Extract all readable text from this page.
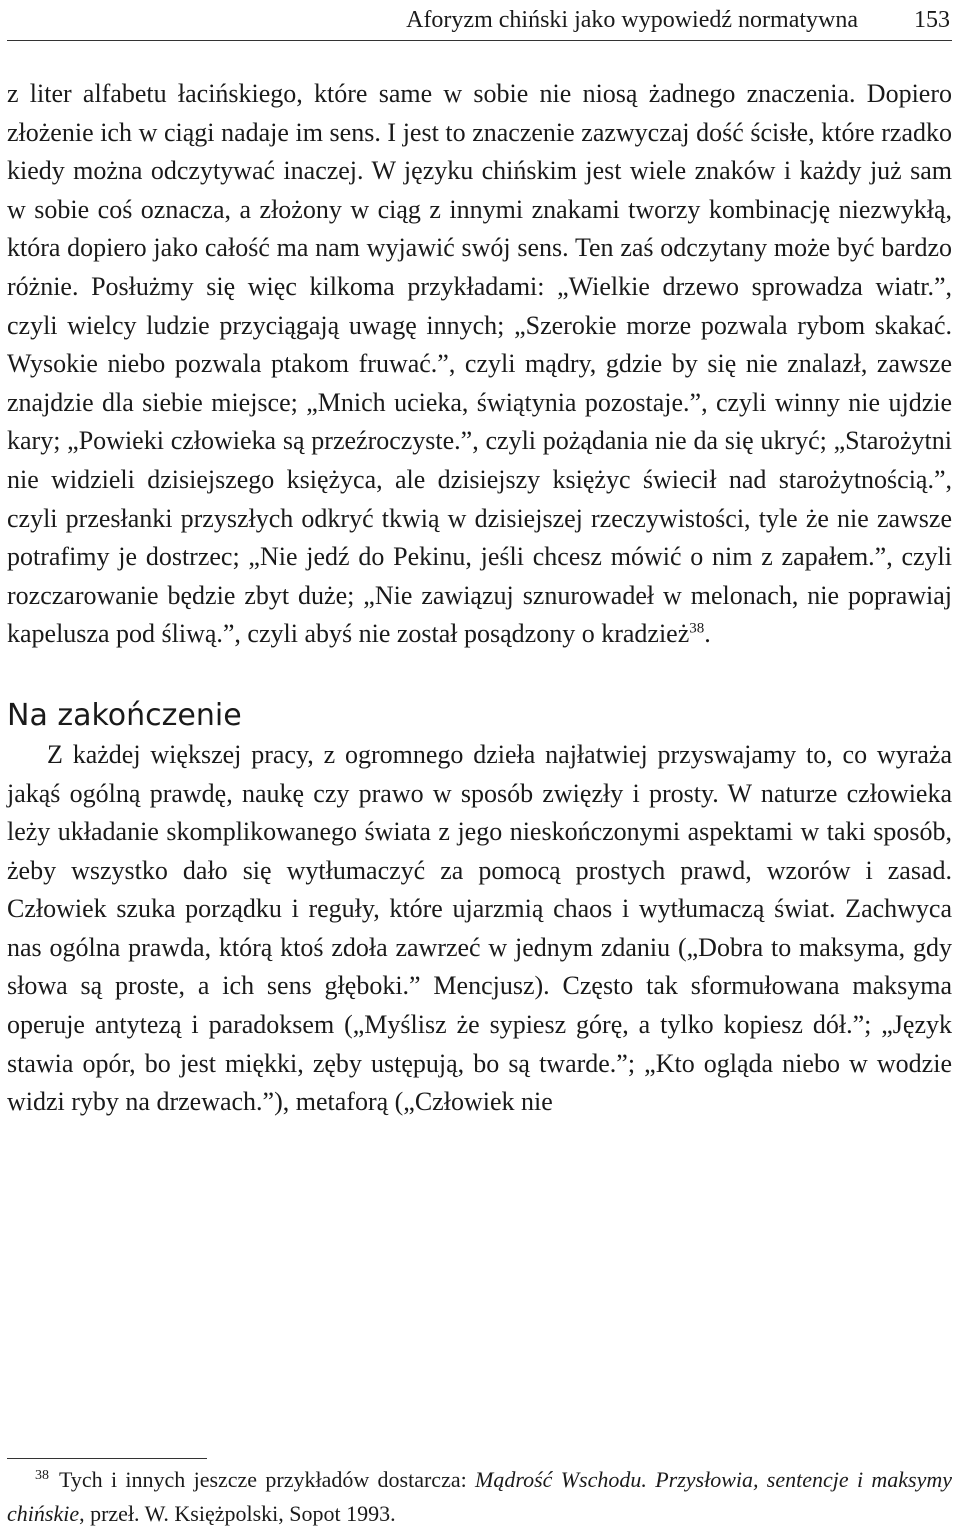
Aforyzm chiński jako wypowiedź normatywna 153

z liter alfabetu łacińskiego, które same w sobie nie niosą żadnego znaczenia. Dopiero złożenie ich w ciągi nadaje im sens. I jest to znaczenie zazwyczaj dość ścisłe, które rzadko kiedy można odczytywać inaczej. W języku chińskim jest wiele znaków i każdy już sam w sobie coś oznacza, a złożony w ciąg z innymi znakami tworzy kombinację niezwykłą, która dopiero jako całość ma nam wyjawić swój sens. Ten zaś odczytany może być bardzo różnie. Posłużmy się więc kilkoma przykładami: „Wielkie drzewo sprowadza wiatr.”, czyli wielcy ludzie przyciągają uwagę innych; „Szerokie morze pozwala rybom skakać. Wysokie niebo pozwala ptakom fruwać.”, czyli mądry, gdzie by się nie znalazł, zawsze znajdzie dla siebie miejsce; „Mnich ucieka, świątynia pozostaje.”, czyli winny nie ujdzie kary; „Powieki człowieka są przeźroczyste.”, czyli pożądania nie da się ukryć; „Starożytni nie widzieli dzisiejszego księżyca, ale dzisiejszy księżyc świecił nad starożytnością.”, czyli przesłanki przyszłych odkryć tkwią w dzisiejszej rzeczywistości, tyle że nie zawsze potrafimy je dostrzec; „Nie jedź do Pekinu, jeśli chcesz mówić o nim z zapałem.”, czyli rozczarowanie będzie zbyt duże; „Nie zawiązuj sznurowadeł w melonach, nie poprawiaj kapelusza pod śliwą.”, czyli abyś nie został posądzony o kradzież$^{38}$.

Na zakończenie

Z każdej większej pracy, z ogromnego dzieła najłatwiej przyswajamy to, co wyraża jakąś ogólną prawdę, naukę czy prawo w sposób zwięzły i prosty. W naturze człowieka leży układanie skomplikowanego świata z jego nieskończonymi aspektami w taki sposób, żeby wszystko dało się wytłumaczyć za pomocą prostych prawd, wzorów i zasad. Człowiek szuka porządku i reguły, które ujarzmią chaos i wytłumaczą świat. Zachwyca nas ogólna prawda, którą ktoś zdoła zawrzeć w jednym zdaniu („Dobra to maksyma, gdy słowa są proste, a ich sens głęboki.” Mencjusz). Często tak sformułowana maksyma operuje antytezą i paradoksem („Myślisz że sypiesz górę, a tylko kopiesz dół.”; „Język stawia opór, bo jest miękki, zęby ustępują, bo są twarde.”; „Kto ogląda niebo w wodzie widzi ryby na drzewach.”), metaforą („Człowiek nie

$^{38}$ Tych i innych jeszcze przykładów dostarcza: Mądrość Wschodu. Przysłowia, sentencje i maksymy chińskie, przeł. W. Księżpolski, Sopot 1993.
